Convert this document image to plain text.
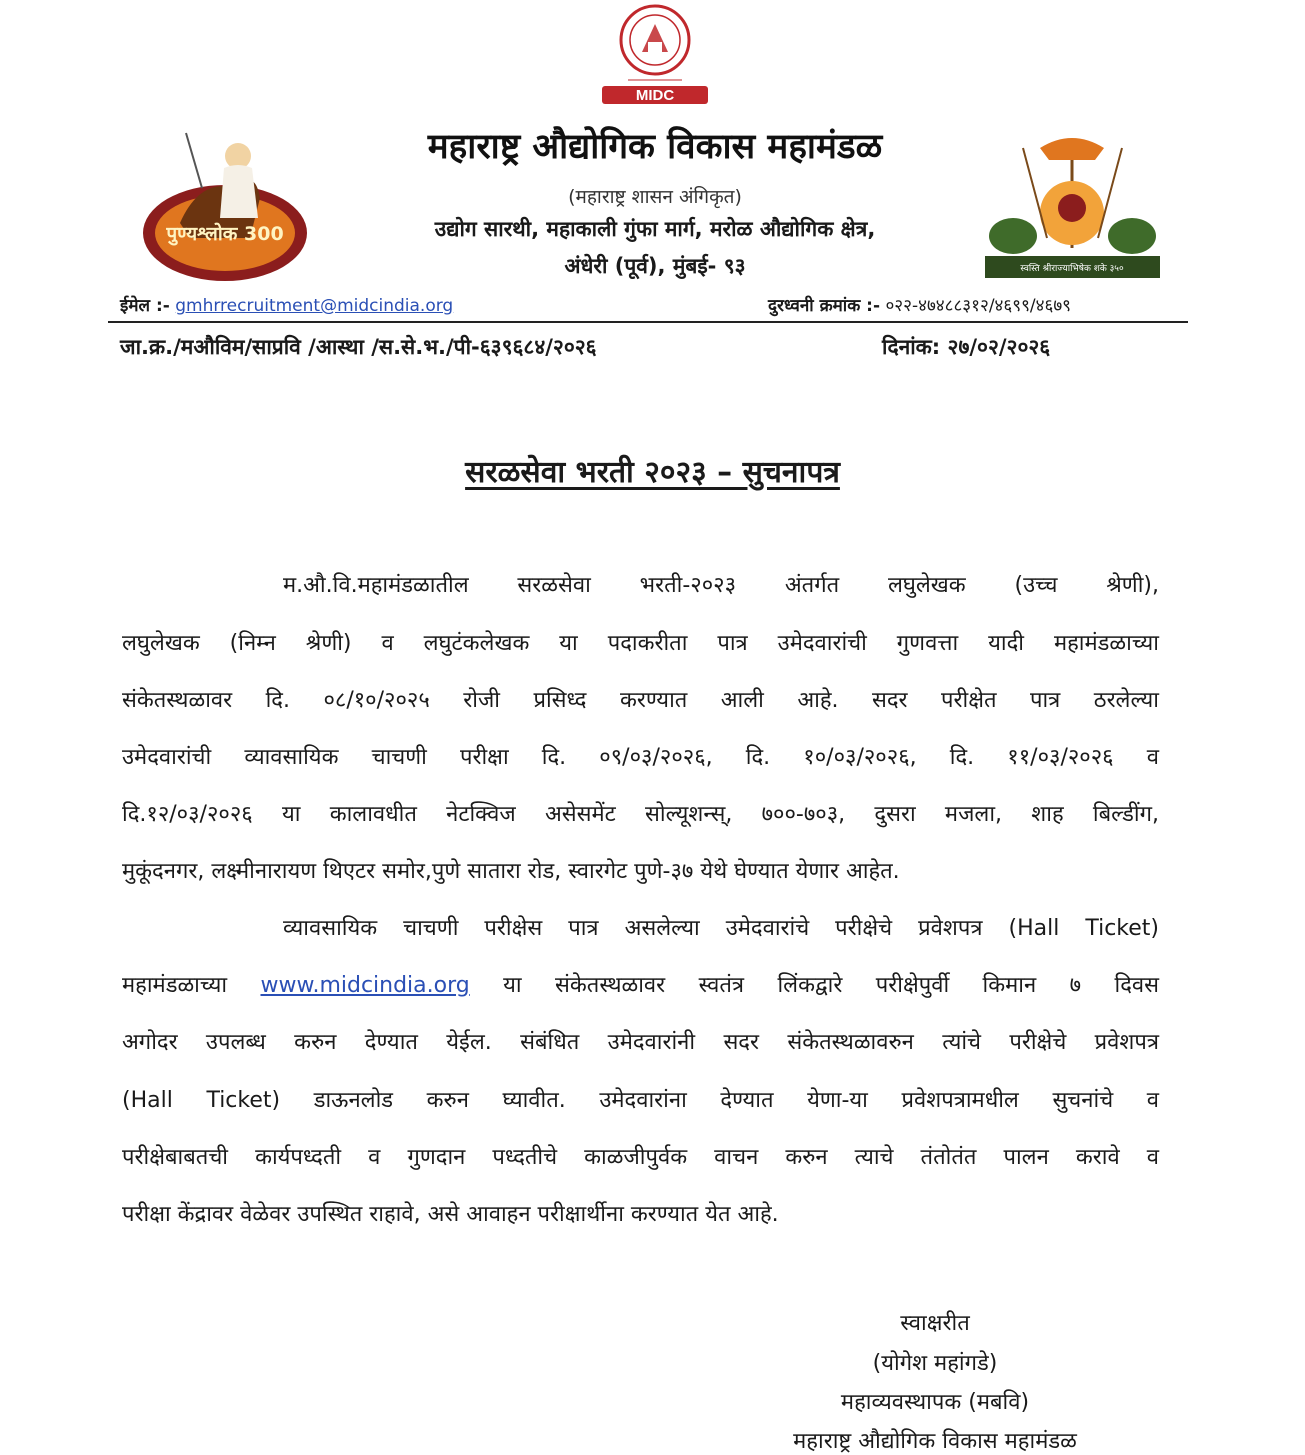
MIDC
पुण्यश्लोक 300
स्वस्ति श्रीराज्याभिषेक शके ३५०
महाराष्ट्र औद्योगिक विकास महामंडळ
(महाराष्ट्र शासन अंगिकृत)
उद्योग सारथी, महाकाली गुंफा मार्ग, मरोळ औद्योगिक क्षेत्र,
अंधेरी (पूर्व), मुंबई- ९३
ईमेल :- gmhrrecruitment@midcindia.org	दुरध्वनी क्रमांक :- ०२२-४७४८८३१२/४६९९/४६७९
जा.क्र./मऔविम/साप्रवि /आस्था /स.से.भ./पी-६३९६८४/२०२६	दिनांक: २७/०२/२०२६
सरळसेवा भरती २०२३ – सुचनापत्र
म.औ.वि.महामंडळातील सरळसेवा भरती-२०२३ अंतर्गत लघुलेखक (उच्च श्रेणी),
लघुलेखक (निम्न श्रेणी) व लघुटंकलेखक या पदाकरीता पात्र उमेदवारांची गुणवत्ता यादी महामंडळाच्या
संकेतस्थळावर दि. ०८/१०/२०२५ रोजी प्रसिध्द करण्यात आली आहे. सदर परीक्षेत पात्र ठरलेल्या
उमेदवारांची व्यावसायिक चाचणी परीक्षा दि. ०९/०३/२०२६, दि. १०/०३/२०२६, दि. ११/०३/२०२६ व
दि.१२/०३/२०२६ या कालावधीत नेटक्विज असेसमेंट सोल्यूशन्स्, ७००-७०३, दुसरा मजला, शाह बिल्डींग,
मुकूंदनगर, लक्ष्मीनारायण थिएटर समोर,पुणे सातारा रोड, स्वारगेट पुणे-३७ येथे घेण्यात येणार आहेत.
व्यावसायिक चाचणी परीक्षेस पात्र असलेल्या उमेदवारांचे परीक्षेचे प्रवेशपत्र (Hall Ticket)
महामंडळाच्या www.midcindia.org या संकेतस्थळावर स्वतंत्र लिंकद्वारे परीक्षेपुर्वी किमान ७ दिवस
अगोदर उपलब्ध करुन देण्यात येईल. संबंधित उमेदवारांनी सदर संकेतस्थळावरुन त्यांचे परीक्षेचे प्रवेशपत्र
(Hall Ticket) डाऊनलोड करुन घ्यावीत. उमेदवारांना देण्यात येणा-या प्रवेशपत्रामधील सुचनांचे व
परीक्षेबाबतची कार्यपध्दती व गुणदान पध्दतीचे काळजीपुर्वक वाचन करुन त्याचे तंतोतंत पालन करावे व
परीक्षा केंद्रावर वेळेवर उपस्थित राहावे, असे आवाहन परीक्षार्थीना करण्यात येत आहे.
स्वाक्षरीत
(योगेश महांगडे)
महाव्यवस्थापक (मबवि)
महाराष्ट्र औद्योगिक विकास महामंडळ
